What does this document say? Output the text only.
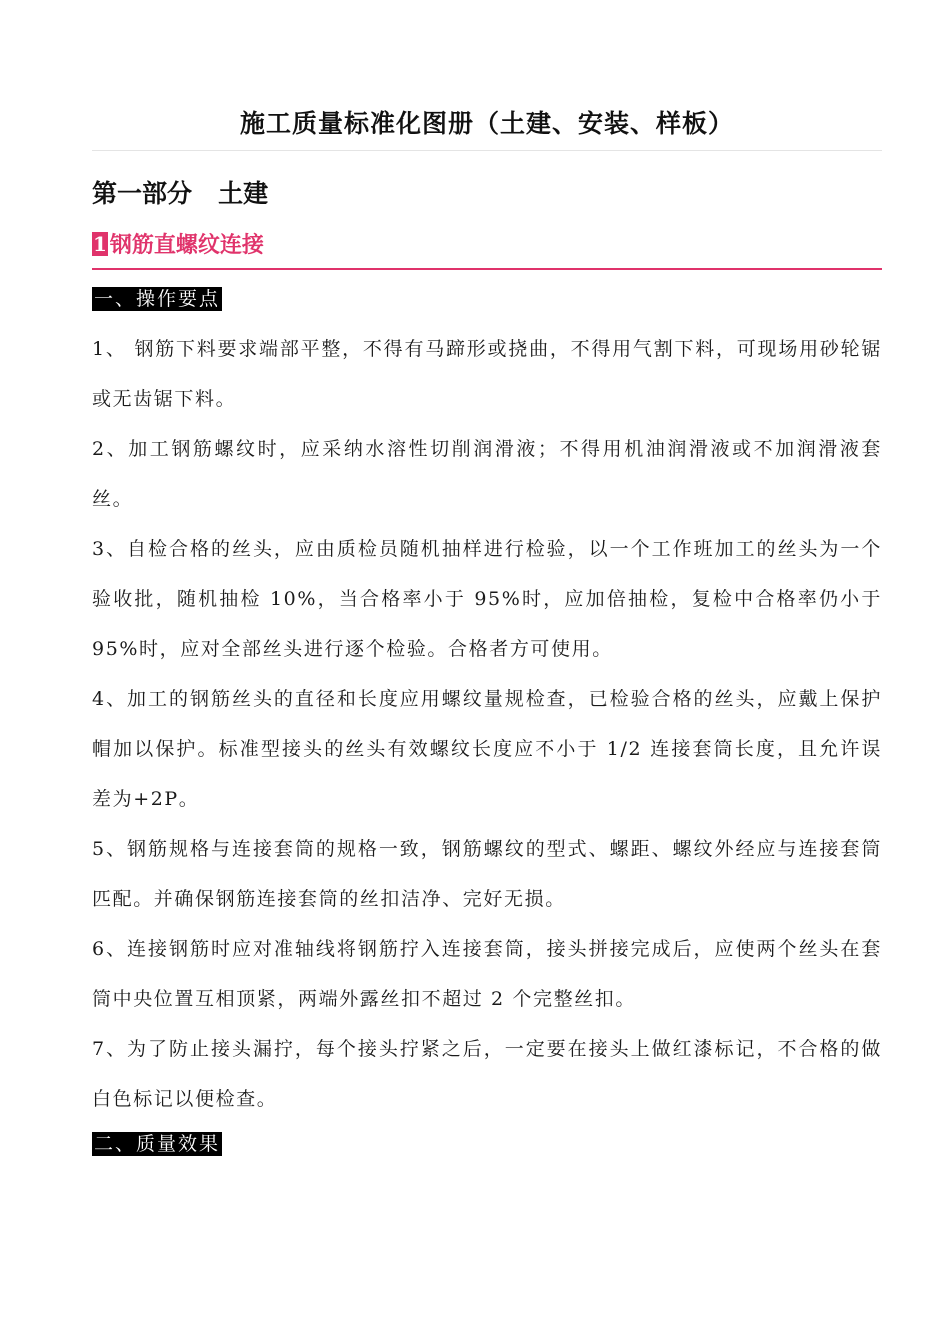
施工质量标准化图册（土建、安装、样板）
第一部分   土建
1 钢筋直螺纹连接
一、操作要点
1、 钢筋下料要求端部平整，不得有马蹄形或挠曲，不得用气割下料，可现场用砂轮锯或无齿锯下料。
2、加工钢筋螺纹时，应采纳水溶性切削润滑液；不得用机油润滑液或不加润滑液套丝。
3、自检合格的丝头，应由质检员随机抽样进行检验，以一个工作班加工的丝头为一个验收批，随机抽检 10%，当合格率小于 95%时，应加倍抽检，复检中合格率仍小于 95%时，应对全部丝头进行逐个检验。合格者方可使用。
4、加工的钢筋丝头的直径和长度应用螺纹量规检查，已检验合格的丝头，应戴上保护帽加以保护。标准型接头的丝头有效螺纹长度应不小于 1/2 连接套筒长度，且允许误差为+2P。
5、钢筋规格与连接套筒的规格一致，钢筋螺纹的型式、螺距、螺纹外经应与连接套筒匹配。并确保钢筋连接套筒的丝扣洁净、完好无损。
6、连接钢筋时应对准轴线将钢筋拧入连接套筒，接头拼接完成后，应使两个丝头在套筒中央位置互相顶紧，两端外露丝扣不超过 2 个完整丝扣。
7、为了防止接头漏拧，每个接头拧紧之后，一定要在接头上做红漆标记，不合格的做白色标记以便检查。
二、质量效果
